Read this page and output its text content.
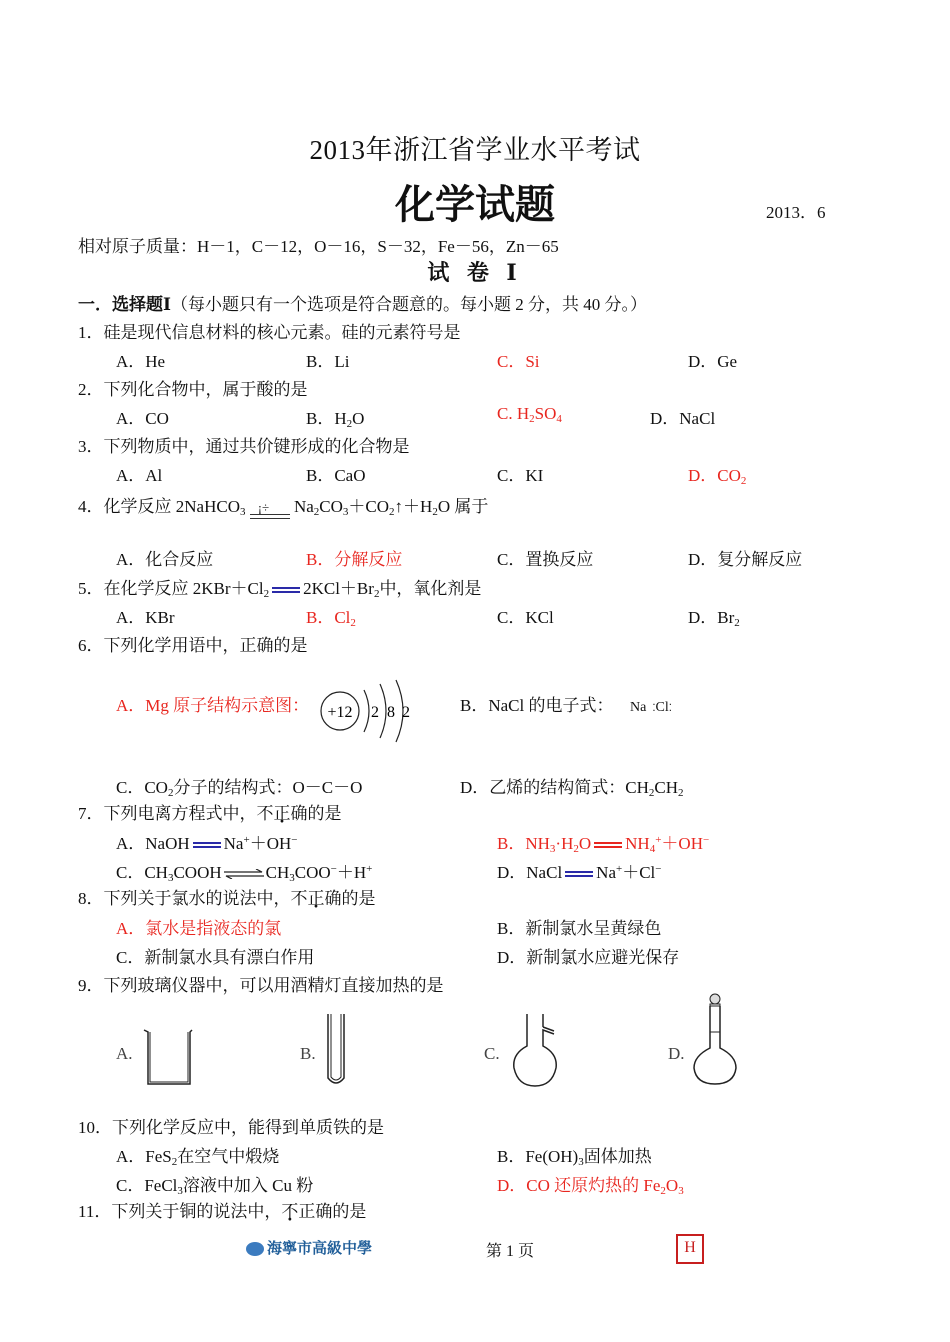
2013年浙江省学业水平考试
化学试题	2013．6
相对原子质量：H－1，C－12，O－16，S－32，Fe－56，Zn－65
试 卷 Ⅰ
一．选择题Ⅰ（每小题只有一个选项是符合题意的。每小题 2 分，共 40 分。）
1．硅是现代信息材料的核心元素。硅的元素符号是
A．He	B．Li	C．Si	D．Ge
2．下列化合物中，属于酸的是
A．CO	B．$H_2O$	C. $H_2SO_4$	D．NaCl
3．下列物质中，通过共价键形成的化合物是
A．Al	B．CaO	C．KI	D．$CO_2$
4．化学反应 2NaHCO$_3$ ¡÷ $Na_2CO_3+CO_2↑+H_2O$ 属于
A．化合反应	B．分解反应	C．置换反应	D．复分解反应
5．在化学反应 $2KBr+Cl_2$ $2KCl+Br_2$中，氧化剂是
A．KBr	B．$Cl_2$	C．KCl	D．$Br_2$
6．下列化学用语中，正确的是
A．Mg 原子结构示意图： +12 2 8 2	B．NaCl 的电子式： Na ⁚Cl⁚
C．$CO_2$分子的结构式：O－C－O	D．乙烯的结构简式：$CH_2CH_2$
7．下列电离方程式中，不正确的是
A．NaOH Na+＋OH−	B．$NH_3\cdot H_2O$ $NH_4^++OH^-$
C．$CH_3COOH$ ⇌ $CH_3COO^-+H^+$	D．NaCl Na+＋Cl−
8．下列关于氯水的说法中，不正确的是
A．氯水是指液态的氯	B．新制氯水呈黄绿色
C．新制氯水具有漂白作用	D．新制氯水应避光保存
9．下列玻璃仪器中，可以用酒精灯直接加热的是
A.	B.	C.	D.
10．下列化学反应中，能得到单质铁的是
A．FeS$_2$在空气中煅烧	B．$Fe(OH)_3$固体加热
C．FeCl$_3$溶液中加入 Cu 粉	D．CO 还原灼热的 $Fe_2O_3$
11．下列关于铜的说法中，不正确的是
海寧市高級中學	第 1 页	H
